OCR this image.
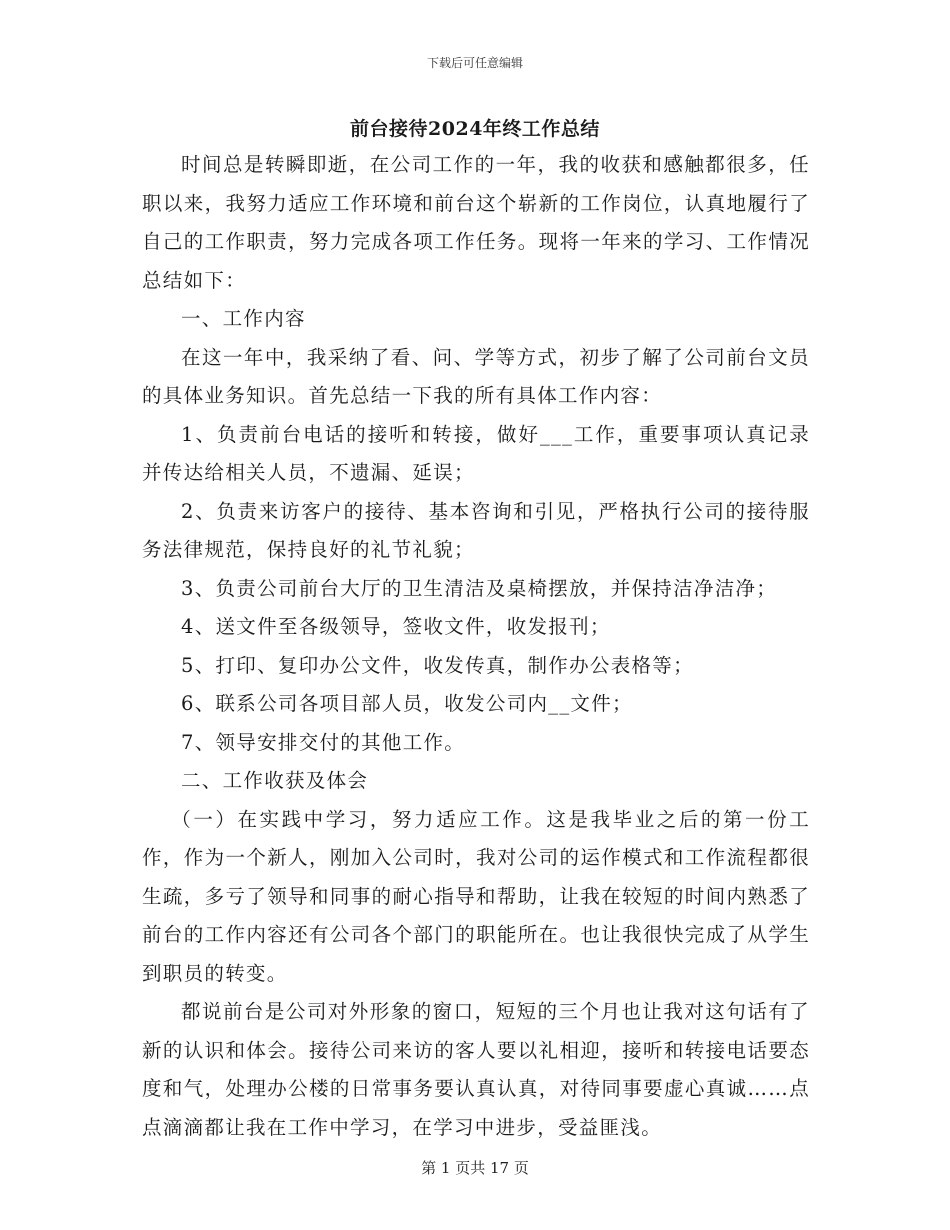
下载后可任意编辑
前台接待2024年终工作总结

时间总是转瞬即逝，在公司工作的一年，我的收获和感触都很多，任职以来，我努力适应工作环境和前台这个崭新的工作岗位，认真地履行了自己的工作职责，努力完成各项工作任务。现将一年来的学习、工作情况总结如下：

一、工作内容

在这一年中，我采纳了看、问、学等方式，初步了解了公司前台文员的具体业务知识。首先总结一下我的所有具体工作内容：

1、负责前台电话的接听和转接，做好___工作，重要事项认真记录并传达给相关人员，不遗漏、延误；

2、负责来访客户的接待、基本咨询和引见，严格执行公司的接待服务法律规范，保持良好的礼节礼貌；

3、负责公司前台大厅的卫生清洁及桌椅摆放，并保持洁净洁净；

4、送文件至各级领导，签收文件，收发报刊；

5、打印、复印办公文件，收发传真，制作办公表格等；

6、联系公司各项目部人员，收发公司内__文件；

7、领导安排交付的其他工作。

二、工作收获及体会

（一）在实践中学习，努力适应工作。这是我毕业之后的第一份工作，作为一个新人，刚加入公司时，我对公司的运作模式和工作流程都很生疏，多亏了领导和同事的耐心指导和帮助，让我在较短的时间内熟悉了前台的工作内容还有公司各个部门的职能所在。也让我很快完成了从学生到职员的转变。

都说前台是公司对外形象的窗口，短短的三个月也让我对这句话有了新的认识和体会。接待公司来访的客人要以礼相迎，接听和转接电话要态度和气，处理办公楼的日常事务要认真认真，对待同事要虚心真诚……点点滴滴都让我在工作中学习，在学习中进步，受益匪浅。

第 1 页共 17 页
